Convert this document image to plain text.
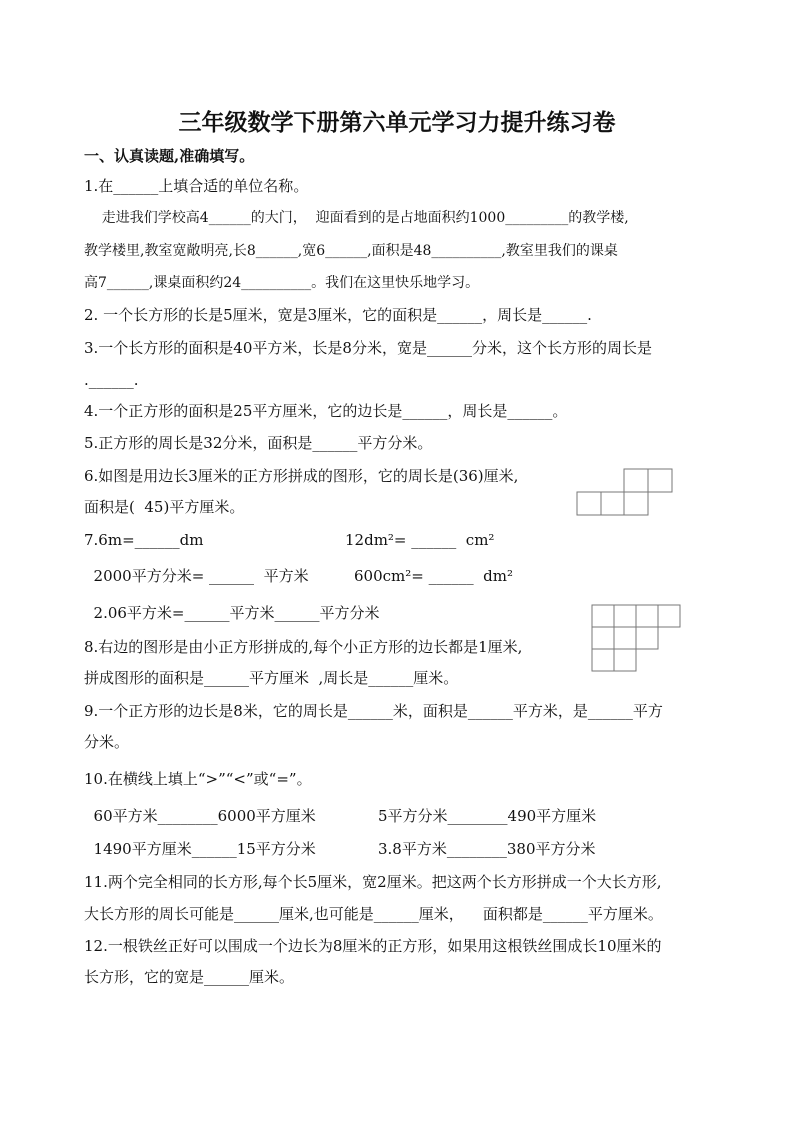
三年级数学下册第六单元学习力提升练习卷
一、认真读题,准确填写。
1.在______上填合适的单位名称。
走进我们学校高4______的大门，  迎面看到的是占地面积约1000_________的教学楼,
教学楼里,教室宽敞明亮,长8______,宽6______,面积是48__________,教室里我们的课桌
高7______,课桌面积约24__________。我们在这里快乐地学习。
2. 一个长方形的长是5厘米，宽是3厘米，它的面积是______，周长是______.
3.一个长方形的面积是40平方米，长是8分米，宽是______分米，这个长方形的周长是
.______.
4.一个正方形的面积是25平方厘米，它的边长是______，周长是______。
5.正方形的周长是32分米，面积是______平方分米。
6.如图是用边长3厘米的正方形拼成的图形，它的周长是(36)厘米,
面积是(  45)平方厘米。
7.6m=______dm	12dm²= ______  cm²
2000平方分米= ______  平方米	600cm²= ______  dm²
2.06平方米=______平方米______平方分米
8.右边的图形是由小正方形拼成的,每个小正方形的边长都是1厘米,
拼成图形的面积是______平方厘米  ,周长是______厘米。
9.一个正方形的边长是8米，它的周长是______米，面积是______平方米，是______平方
分米。
10.在横线上填上“>”“<”或“=”。
60平方米________6000平方厘米	5平方分米________490平方厘米
1490平方厘米______15平方分米	3.8平方米________380平方分米
11.两个完全相同的长方形,每个长5厘米，宽2厘米。把这两个长方形拼成一个大长方形,
大长方形的周长可能是______厘米,也可能是______厘米，    面积都是______平方厘米。
12.一根铁丝正好可以围成一个边长为8厘米的正方形，如果用这根铁丝围成长10厘米的
长方形，它的宽是______厘米。
